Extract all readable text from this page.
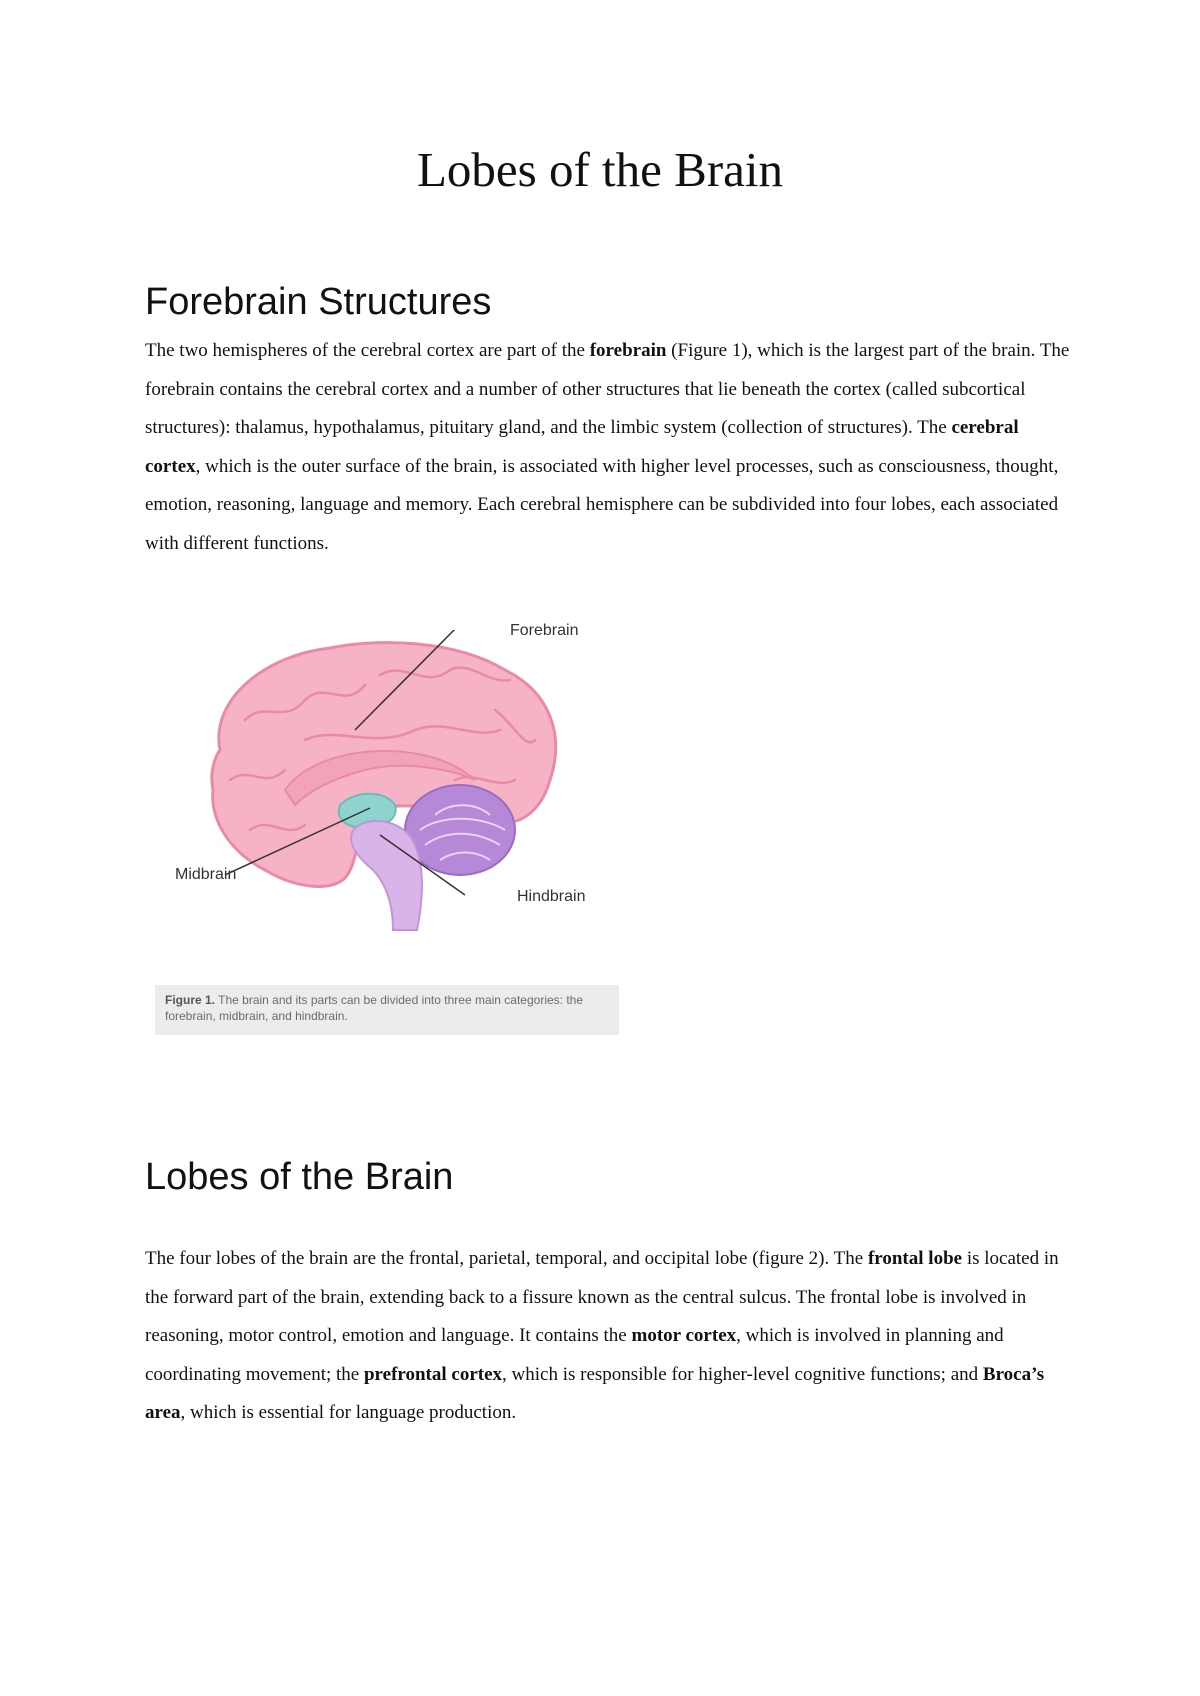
Lobes of the Brain
Forebrain Structures

The two hemispheres of the cerebral cortex are part of the forebrain (Figure 1), which is the largest part of the brain. The forebrain contains the cerebral cortex and a number of other structures that lie beneath the cortex (called subcortical structures): thalamus, hypothalamus, pituitary gland, and the limbic system (collection of structures). The cerebral cortex, which is the outer surface of the brain, is associated with higher level processes, such as consciousness, thought, emotion, reasoning, language and memory. Each cerebral hemisphere can be subdivided into four lobes, each associated with different functions.

Forebrain
Midbrain
Hindbrain
Figure 1. The brain and its parts can be divided into three main categories: the forebrain, midbrain, and hindbrain.
Lobes of the Brain

The four lobes of the brain are the frontal, parietal, temporal, and occipital lobe (figure 2). The frontal lobe is located in the forward part of the brain, extending back to a fissure known as the central sulcus. The frontal lobe is involved in reasoning, motor control, emotion and language. It contains the motor cortex, which is involved in planning and coordinating movement; the prefrontal cortex, which is responsible for higher-level cognitive functions; and Broca’s area, which is essential for language production.
